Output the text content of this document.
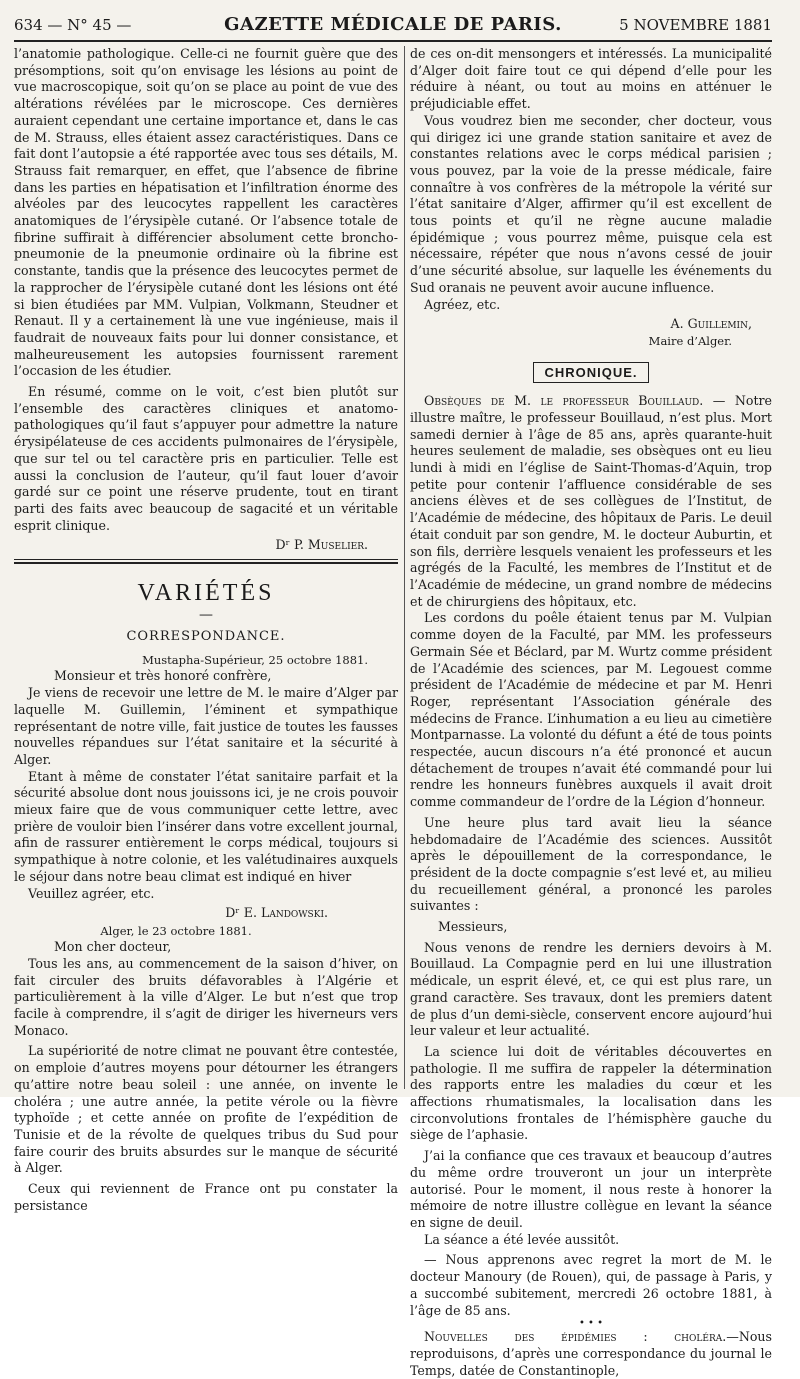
634 — N° 45 —	GAZETTE MÉDICALE DE PARIS.	5 NOVEMBRE 1881

l’anatomie pathologique. Celle-ci ne fournit guère que des présomptions, soit qu’on envisage les lésions au point de vue macroscopique, soit qu’on se place au point de vue des altérations révélées par le microscope. Ces dernières auraient cependant une certaine importance et, dans le cas de M. Strauss, elles étaient assez caractéristiques. Dans ce fait dont l’autopsie a été rapportée avec tous ses détails, M. Strauss fait remarquer, en effet, que l’absence de fibrine dans les parties en hépatisation et l’infiltration énorme des alvéoles par des leucocytes rappellent les caractères anatomiques de l’érysipèle cutané. Or l’absence totale de fibrine suffirait à différencier absolument cette broncho-pneumonie de la pneumonie ordinaire où la fibrine est constante, tandis que la présence des leucocytes permet de la rapprocher de l’érysipèle cutané dont les lésions ont été si bien étudiées par MM. Vulpian, Volkmann, Steudner et Renaut. Il y a certainement là une vue ingénieuse, mais il faudrait de nouveaux faits pour lui donner consistance, et malheureusement les autopsies fournissent rarement l’occasion de les étudier.

En résumé, comme on le voit, c’est bien plutôt sur l’ensemble des caractères cliniques et anatomo-pathologiques qu’il faut s’appuyer pour admettre la nature érysipélateuse de ces accidents pulmonaires de l’érysipèle, que sur tel ou tel caractère pris en particulier. Telle est aussi la conclusion de l’auteur, qu’il faut louer d’avoir gardé sur ce point une réserve prudente, tout en tirant parti des faits avec beaucoup de sagacité et un véritable esprit clinique.

Dʳ P. Muselier.
VARIÉTÉS
—
CORRESPONDANCE.
Mustapha-Supérieur, 25 octobre 1881.

Monsieur et très honoré confrère,

Je viens de recevoir une lettre de M. le maire d’Alger par laquelle M. Guillemin, l’éminent et sympathique représentant de notre ville, fait justice de toutes les fausses nouvelles répandues sur l’état sanitaire et la sécurité à Alger.

Etant à même de constater l’état sanitaire parfait et la sécurité absolue dont nous jouissons ici, je ne crois pouvoir mieux faire que de vous communiquer cette lettre, avec prière de vouloir bien l’insérer dans votre excellent journal, afin de rassurer entièrement le corps médical, toujours si sympathique à notre colonie, et les valétudinaires auxquels le séjour dans notre beau climat est indiqué en hiver

Veuillez agréer, etc.

Dʳ E. Landowski.
Alger, le 23 octobre 1881.

Mon cher docteur,

Tous les ans, au commencement de la saison d’hiver, on fait circuler des bruits défavorables à l’Algérie et particulièrement à la ville d’Alger. Le but n’est que trop facile à comprendre, il s’agit de diriger les hiverneurs vers Monaco.

La supériorité de notre climat ne pouvant être contestée, on emploie d’autres moyens pour détourner les étrangers qu’attire notre beau soleil : une année, on invente le choléra ; une autre année, la petite vérole ou la fièvre typhoïde ; et cette année on profite de l’expédition de Tunisie et de la révolte de quelques tribus du Sud pour faire courir des bruits absurdes sur le manque de sécurité à Alger.

Ceux qui reviennent de France ont pu constater la persistance

de ces on-dit mensongers et intéressés. La municipalité d’Alger doit faire tout ce qui dépend d’elle pour les réduire à néant, ou tout au moins en atténuer le préjudiciable effet.

Vous voudrez bien me seconder, cher docteur, vous qui dirigez ici une grande station sanitaire et avez de constantes relations avec le corps médical parisien ; vous pouvez, par la voie de la presse médicale, faire connaître à vos confrères de la métropole la vérité sur l’état sanitaire d’Alger, affirmer qu’il est excellent de tous points et qu’il ne règne aucune maladie épidémique ; vous pourrez même, puisque cela est nécessaire, répéter que nous n’avons cessé de jouir d’une sécurité absolue, sur laquelle les événements du Sud oranais ne peuvent avoir aucune influence.

Agréez, etc.

A. Guillemin,
Maire d’Alger.
CHRONIQUE.

Obsèques de M. le professeur Bouillaud. — Notre illustre maître, le professeur Bouillaud, n’est plus. Mort samedi dernier à l’âge de 85 ans, après quarante-huit heures seulement de maladie, ses obsèques ont eu lieu lundi à midi en l’église de Saint-Thomas-d’Aquin, trop petite pour contenir l’affluence considérable de ses anciens élèves et de ses collègues de l’Institut, de l’Académie de médecine, des hôpitaux de Paris. Le deuil était conduit par son gendre, M. le docteur Auburtin, et son fils, derrière lesquels venaient les professeurs et les agrégés de la Faculté, les membres de l’Institut et de l’Académie de médecine, un grand nombre de médecins et de chirurgiens des hôpitaux, etc.

Les cordons du poêle étaient tenus par M. Vulpian comme doyen de la Faculté, par MM. les professeurs Germain Sée et Béclard, par M. Wurtz comme président de l’Académie des sciences, par M. Legouest comme président de l’Académie de médecine et par M. Henri Roger, représentant l’Association générale des médecins de France. L’inhumation a eu lieu au cimetière Montparnasse. La volonté du défunt a été de tous points respectée, aucun discours n’a été prononcé et aucun détachement de troupes n’avait été commandé pour lui rendre les honneurs funèbres auxquels il avait droit comme commandeur de l’ordre de la Légion d’honneur.

Une heure plus tard avait lieu la séance hebdomadaire de l’Académie des sciences. Aussitôt après le dépouillement de la correspondance, le président de la docte compagnie s’est levé et, au milieu du recueillement général, a prononcé les paroles suivantes :

Messieurs,

Nous venons de rendre les derniers devoirs à M. Bouillaud. La Compagnie perd en lui une illustration médicale, un esprit élevé, et, ce qui est plus rare, un grand caractère. Ses travaux, dont les premiers datent de plus d’un demi-siècle, conservent encore aujourd’hui leur valeur et leur actualité.

La science lui doit de véritables découvertes en pathologie. Il me suffira de rappeler la détermination des rapports entre les maladies du cœur et les affections rhumatismales, la localisation dans les circonvolutions frontales de l’hémisphère gauche du siège de l’aphasie.

J’ai la confiance que ces travaux et beaucoup d’autres du même ordre trouveront un jour un interprète autorisé. Pour le moment, il nous reste à honorer la mémoire de notre illustre collègue en levant la séance en signe de deuil.

La séance a été levée aussitôt.

— Nous apprenons avec regret la mort de M. le docteur Manoury (de Rouen), qui, de passage à Paris, y a succombé subitement, mercredi 26 octobre 1881, à l’âge de 85 ans.

• • •

Nouvelles des épidémies : choléra.—Nous reproduisons, d’après une correspondance du journal le Temps, datée de Constantinople,
